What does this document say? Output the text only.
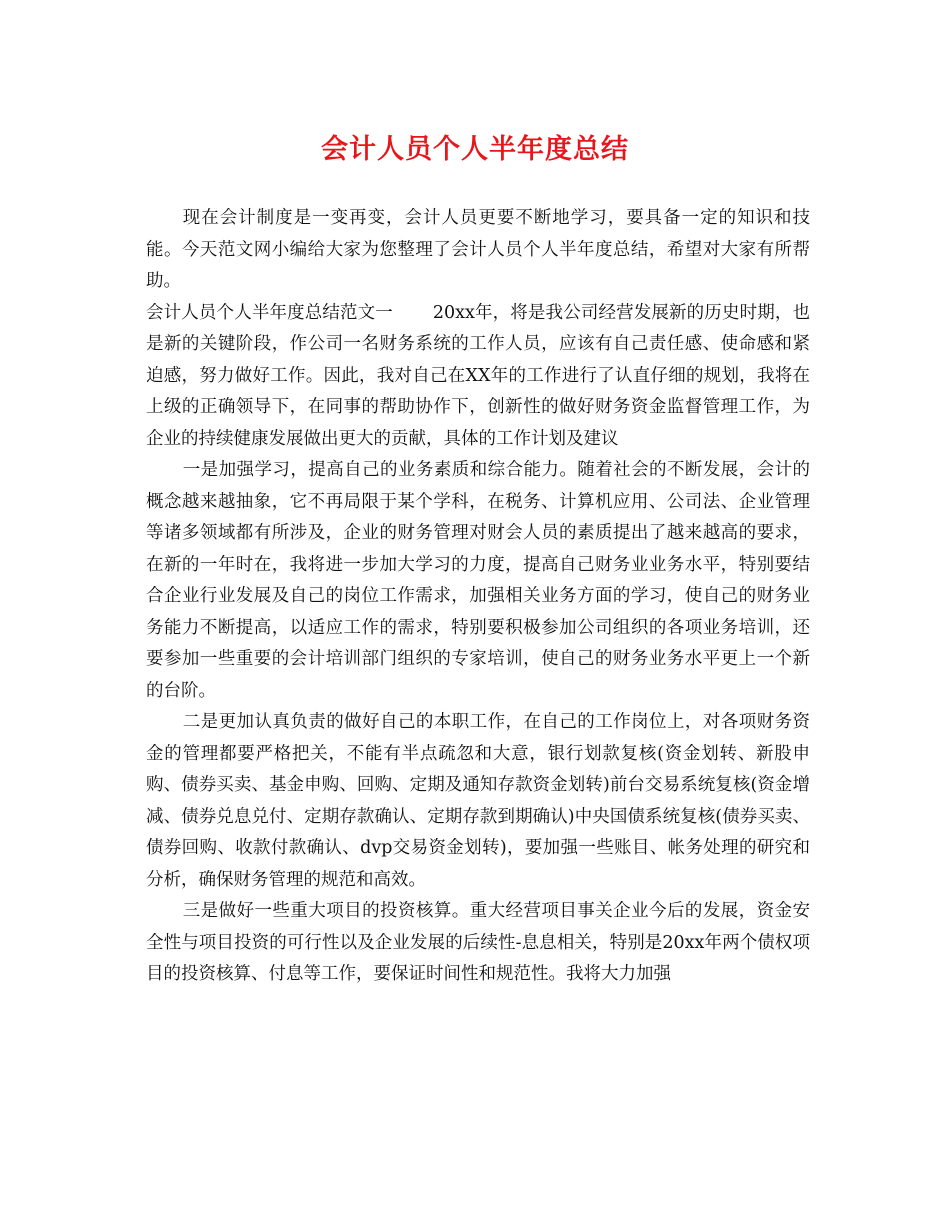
会计人员个人半年度总结

现在会计制度是一变再变，会计人员更要不断地学习，要具备一定的知识和技能。今天范文网小编给大家为您整理了会计人员个人半年度总结，希望对大家有所帮助。

会计人员个人半年度总结范文一 20xx年，将是我公司经营发展新的历史时期，也是新的关键阶段，作公司一名财务系统的工作人员，应该有自己责任感、使命感和紧迫感，努力做好工作。因此，我对自己在XX年的工作进行了认直仔细的规划，我将在上级的正确领导下，在同事的帮助协作下，创新性的做好财务资金监督管理工作，为企业的持续健康发展做出更大的贡献，具体的工作计划及建议

一是加强学习，提高自己的业务素质和综合能力。随着社会的不断发展，会计的概念越来越抽象，它不再局限于某个学科，在税务、计算机应用、公司法、企业管理等诸多领域都有所涉及，企业的财务管理对财会人员的素质提出了越来越高的要求，在新的一年时在，我将进一步加大学习的力度，提高自己财务业业务水平，特别要结合企业行业发展及自己的岗位工作需求，加强相关业务方面的学习，使自己的财务业务能力不断提高，以适应工作的需求，特别要积极参加公司组织的各项业务培训，还要参加一些重要的会计培训部门组织的专家培训，使自己的财务业务水平更上一个新的台阶。

二是更加认真负责的做好自己的本职工作，在自己的工作岗位上，对各项财务资金的管理都要严格把关，不能有半点疏忽和大意，银行划款复核(资金划转、新股申购、债券买卖、基金申购、回购、定期及通知存款资金划转)前台交易系统复核(资金增减、债券兑息兑付、定期存款确认、定期存款到期确认)中央国债系统复核(债券买卖、债券回购、收款付款确认、dvp交易资金划转)，要加强一些账目、帐务处理的研究和分析，确保财务管理的规范和高效。

三是做好一些重大项目的投资核算。重大经营项目事关企业今后的发展，资金安全性与项目投资的可行性以及企业发展的后续性-息息相关，特别是20xx年两个债权项目的投资核算、付息等工作，要保证时间性和规范性。我将大力加强
